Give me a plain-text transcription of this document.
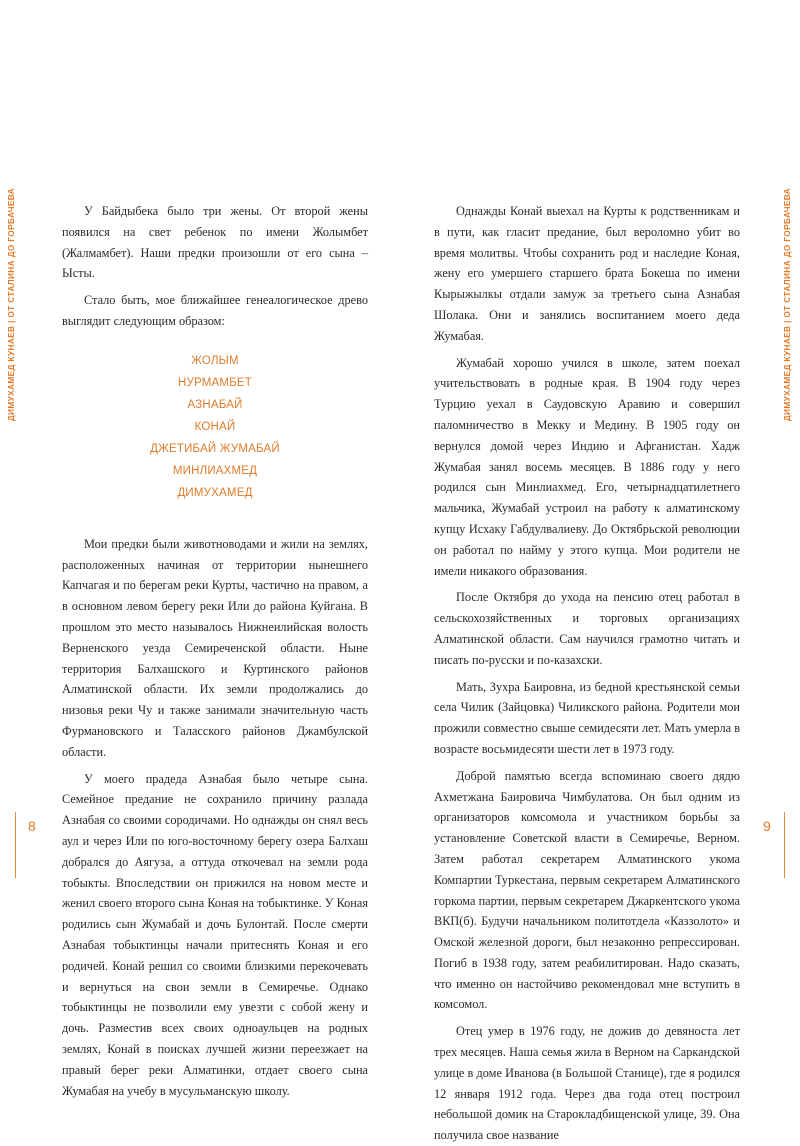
ДИМУХАМЕД КУНАЕВ | ОТ СТАЛИНА ДО ГОРБАЧЕВА
8

У Байдыбека было три жены. От второй жены появился на свет ребенок по имени Жолымбет (Жалмамбет). Наши предки произошли от его сына – Ысты.

Стало быть, мое ближайшее генеалогическое древо выглядит следующим образом:

ЖОЛЫМ
НУРМАМБЕТ
АЗНАБАЙ
КОНАЙ
ДЖЕТИБАЙ ЖУМАБАЙ
МИНЛИАХМЕД
ДИМУХАМЕД

Мои предки были животноводами и жили на землях, расположенных начиная от территории нынешнего Капчагая и по берегам реки Курты, частично на правом, а в основном левом берегу реки Или до района Куйгана. В прошлом это место называлось Нижнеилийская волость Верненского уезда Семиреченской области. Ныне территория Балхашского и Куртинского районов Алматинской области. Их земли продолжались до низовья реки Чу и также занимали значительную часть Фурмановского и Таласского районов Джамбулской области.

У моего прадеда Азнабая было четыре сына. Семейное предание не сохранило причину разлада Азнабая со своими сородичами. Но однажды он снял весь аул и через Или по юго-восточному берегу озера Балхаш добрался до Аягуза, а оттуда откочевал на земли рода тобыкты. Впоследствии он прижился на новом месте и женил своего второго сына Коная на тобыктинке. У Коная родились сын Жумабай и дочь Булонтай. После смерти Азнабая тобыктинцы начали притеснять Коная и его родичей. Конай решил со своими близкими перекочевать и вернуться на свои земли в Семиречье. Однако тобыктинцы не позволили ему увезти с собой жену и дочь. Разместив всех своих одноаульцев на родных землях, Конай в поисках лучшей жизни переезжает на правый берег реки Алматинки, отдает своего сына Жумабая на учебу в мусульманскую школу.

ДИМУХАМЕД КУНАЕВ | ОТ СТАЛИНА ДО ГОРБАЧЕВА
9

Однажды Конай выехал на Курты к родственникам и в пути, как гласит предание, был вероломно убит во время молитвы. Чтобы сохранить род и наследие Коная, жену его умершего старшего брата Бокеша по имени Кырыжылкы отдали замуж за третьего сына Азнабая Шолака. Они и занялись воспитанием моего деда Жумабая.

Жумабай хорошо учился в школе, затем поехал учительствовать в родные края. В 1904 году через Турцию уехал в Саудовскую Аравию и совершил паломничество в Мекку и Медину. В 1905 году он вернулся домой через Индию и Афганистан. Хадж Жумабая занял восемь месяцев. В 1886 году у него родился сын Минлиахмед. Его, четырнадцатилетнего мальчика, Жумабай устроил на работу к алматинскому купцу Исхаку Габдулвалиеву. До Октябрьской революции он работал по найму у этого купца. Мои родители не имели никакого образования.

После Октября до ухода на пенсию отец работал в сельскохозяйственных и торговых организациях Алматинской области. Сам научился грамотно читать и писать по-русски и по-казахски.

Мать, Зухра Баировна, из бедной крестьянской семьи села Чилик (Зайцовка) Чиликского района. Родители мои прожили совместно свыше семидесяти лет. Мать умерла в возрасте восьмидесяти шести лет в 1973 году.

Доброй памятью всегда вспоминаю своего дядю Ахметжана Баировича Чимбулатова. Он был одним из организаторов комсомола и участником борьбы за установление Советской власти в Семиречье, Верном. Затем работал секретарем Алматинского укома Компартии Туркестана, первым секретарем Алматинского горкома партии, первым секретарем Джаркентского укома ВКП(б). Будучи начальником политотдела «Каззолото» и Омской железной дороги, был незаконно репрессирован. Погиб в 1938 году, затем реабилитирован. Надо сказать, что именно он настойчиво рекомендовал мне вступить в комсомол.

Отец умер в 1976 году, не дожив до девяноста лет трех месяцев. Наша семья жила в Верном на Саркандской улице в доме Иванова (в Большой Станице), где я родился 12 января 1912 года. Через два года отец построил небольшой домик на Старокладбищенской улице, 39. Она получила свое название
